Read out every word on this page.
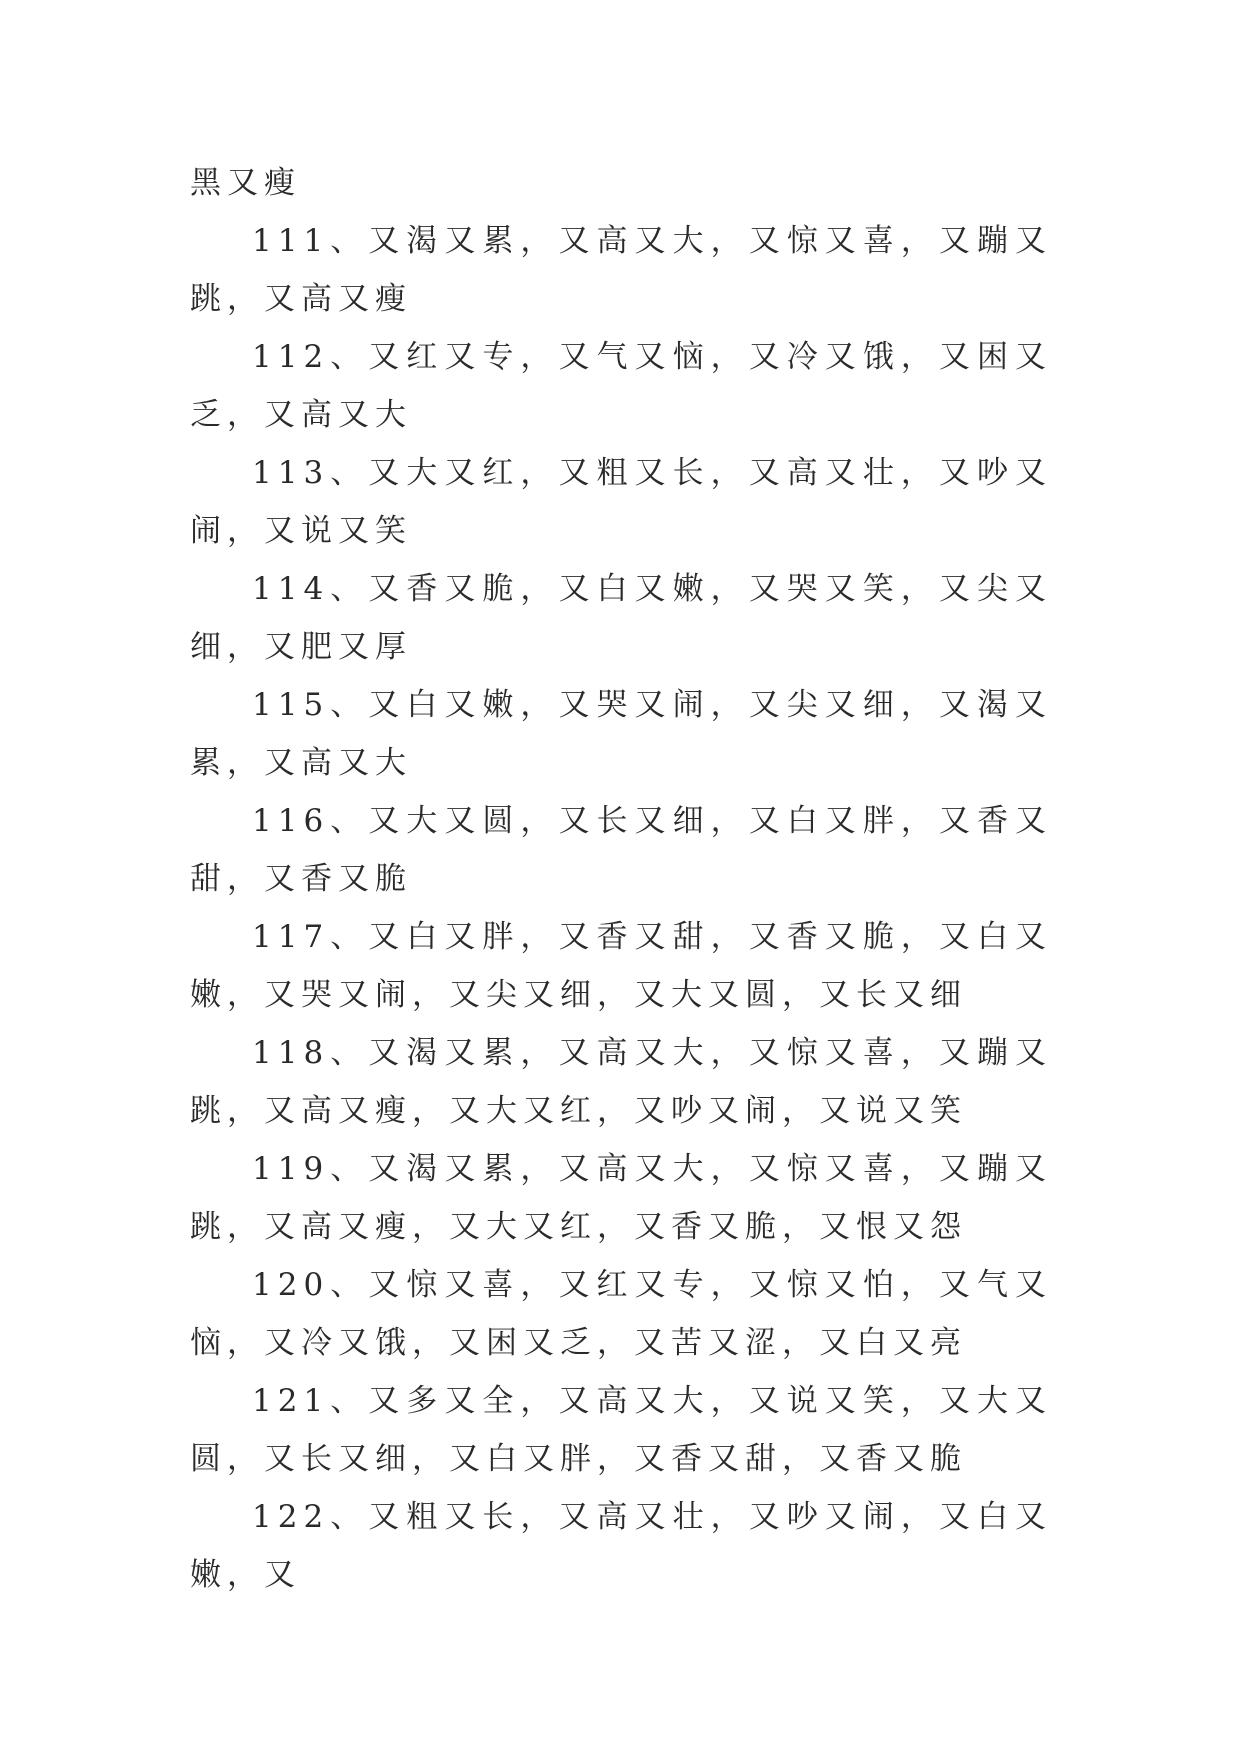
黑又瘦

111、又渴又累，又高又大，又惊又喜，又蹦又跳，又高又瘦

112、又红又专，又气又恼，又冷又饿，又困又乏，又高又大

113、又大又红，又粗又长，又高又壮，又吵又闹，又说又笑

114、又香又脆，又白又嫩，又哭又笑，又尖又细，又肥又厚

115、又白又嫩，又哭又闹，又尖又细，又渴又累，又高又大

116、又大又圆，又长又细，又白又胖，又香又甜，又香又脆

117、又白又胖，又香又甜，又香又脆，又白又嫩，又哭又闹，又尖又细，又大又圆，又长又细

118、又渴又累，又高又大，又惊又喜，又蹦又跳，又高又瘦，又大又红，又吵又闹，又说又笑

119、又渴又累，又高又大，又惊又喜，又蹦又跳，又高又瘦，又大又红，又香又脆，又恨又怨

120、又惊又喜，又红又专，又惊又怕，又气又恼，又冷又饿，又困又乏，又苦又涩，又白又亮

121、又多又全，又高又大，又说又笑，又大又圆，又长又细，又白又胖，又香又甜，又香又脆

122、又粗又长，又高又壮，又吵又闹，又白又嫩，又
